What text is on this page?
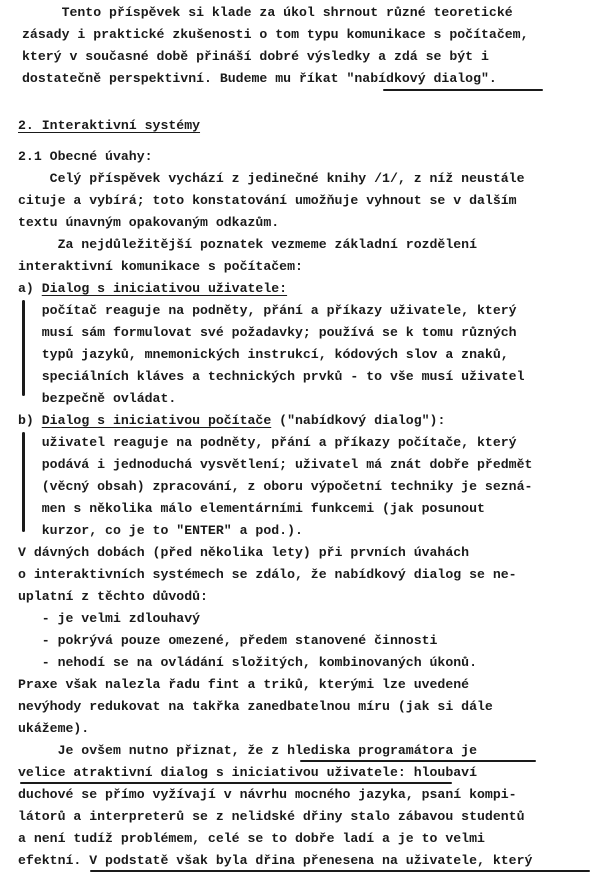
Tento příspěvek si klade za úkol shrnout různé teoretické
zásady i praktické zkušenosti o tom typu komunikace s počítačem,
který v současné době přináší dobré výsledky a zdá se být i
dostatečně perspektivní. Budeme mu říkat "nabídkový dialog".
2. Interaktivní systémy
2.1 Obecné úvahy:
Celý příspěvek vychází z jedinečné knihy /1/, z níž neustále
cituje a vybírá; toto konstatování umožňuje vyhnout se v dalším
textu únavným opakovaným odkazům.
Za nejdůležitější poznatek vezmeme základní rozdělení
interaktivní komunikace s počítačem:
a) Dialog s iniciativou uživatele:
počítač reaguje na podněty, přání a příkazy uživatele, který
musí sám formulovat své požadavky; používá se k tomu různých
typů jazyků, mnemonických instrukcí, kódových slov a znaků,
speciálních kláves a technických prvků - to vše musí uživatel
bezpečně ovládat.
b) Dialog s iniciativou počítače ("nabídkový dialog"):
uživatel reaguje na podněty, přání a příkazy počítače, který
podává i jednoduchá vysvětlení; uživatel má znát dobře předmět
(věcný obsah) zpracování, z oboru výpočetní techniky je sezná-
men s několika málo elementárními funkcemi (jak posunout
kurzor, co je to "ENTER" a pod.).
V dávných dobách (před několika lety) při prvních úvahách
o interaktivních systémech se zdálo, že nabídkový dialog se ne-
uplatní z těchto důvodů:
- je velmi zdlouhavý
- pokrývá pouze omezené, předem stanovené činnosti
- nehodí se na ovládání složitých, kombinovaných úkonů.
Praxe však nalezla řadu fint a triků, kterými lze uvedené
nevýhody redukovat na takřka zanedbatelnou míru (jak si dále
ukážeme).
Je ovšem nutno přiznat, že z hlediska programátora je
velice atraktivní dialog s iniciativou uživatele: hloubaví
duchové se přímo vyžívají v návrhu mocného jazyka, psaní kompi-
látorů a interpreterů se z nelidské dřiny stalo zábavou studentů
a není tudíž problémem, celé se to dobře ladí a je to velmi
efektní. V podstatě však byla dřina přenesena na uživatele, který
